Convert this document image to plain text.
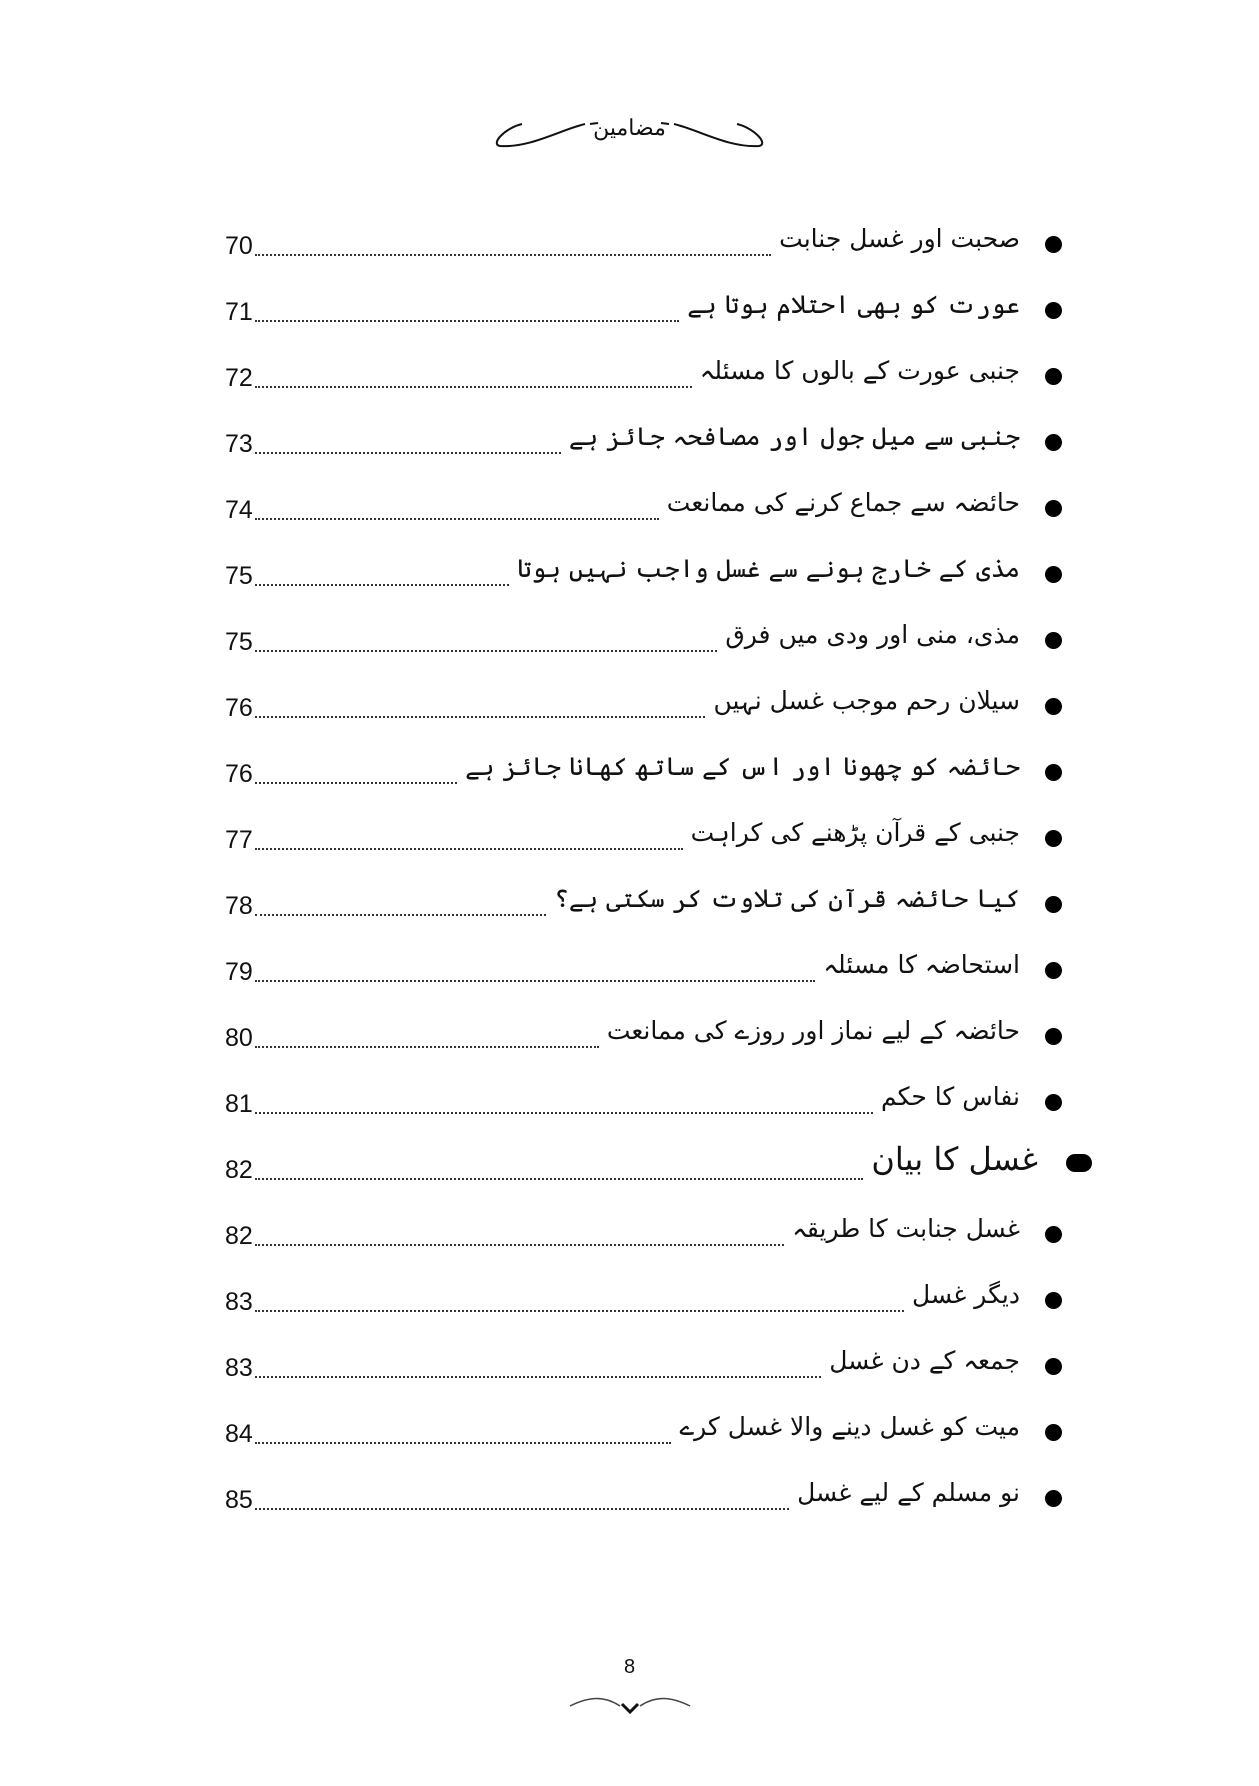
مضامین
70	صحبت اور غسل جنابت
71	عورت کو بھی احتلام ہوتا ہے
72	جنبی عورت کے بالوں کا مسئلہ
73	جنبی سے میل جول اور مصافحہ جائز ہے
74	حائضہ سے جماع کرنے کی ممانعت
75	مذی کے خارج ہونے سے غسل واجب نہیں ہوتا
75	مذی، منی اور ودی میں فرق
76	سیلان رحم موجب غسل نہیں
76	حائضہ کو چھونا اور اس کے ساتھ کھانا جائز ہے
77	جنبی کے قرآن پڑھنے کی کراہت
78	کیا حائضہ قرآن کی تلاوت کر سکتی ہے؟
79	استحاضہ کا مسئلہ
80	حائضہ کے لیے نماز اور روزے کی ممانعت
81	نفاس کا حکم
82	غسل کا بیان
82	غسل جنابت کا طریقہ
83	دیگر غسل
83	جمعہ کے دن غسل
84	میت کو غسل دینے والا غسل کرے
85	نو مسلم کے لیے غسل
8
